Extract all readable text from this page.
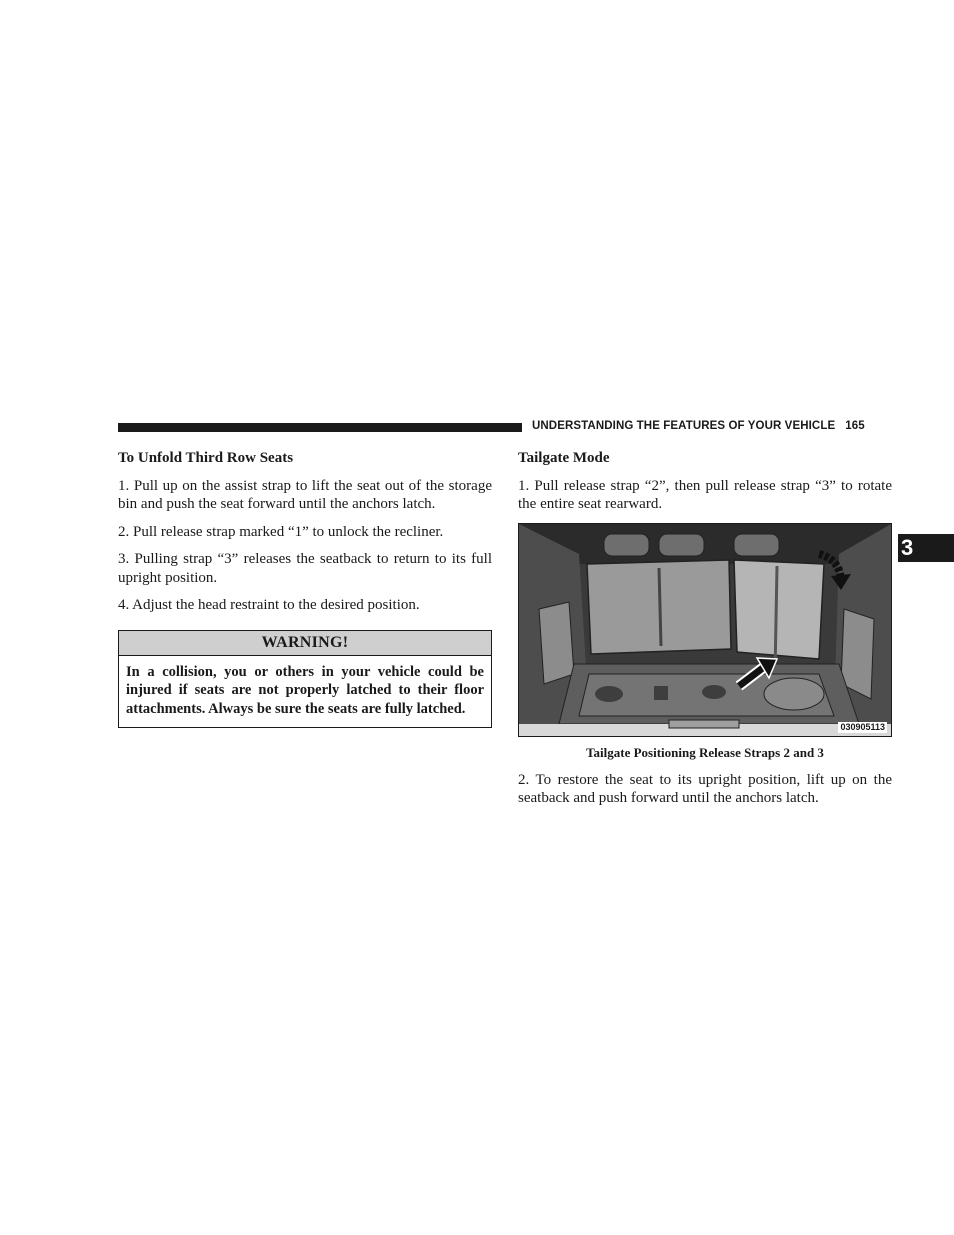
UNDERSTANDING THE FEATURES OF YOUR VEHICLE 165
3
To Unfold Third Row Seats

1. Pull up on the assist strap to lift the seat out of the storage bin and push the seat forward until the anchors latch.

2. Pull release strap marked “1” to unlock the recliner.

3. Pulling strap “3” releases the seatback to return to its full upright position.

4. Adjust the head restraint to the desired position.

WARNING!
In a collision, you or others in your vehicle could be injured if seats are not properly latched to their floor attachments. Always be sure the seats are fully latched.
Tailgate Mode

1. Pull release strap “2”, then pull release strap “3” to rotate the entire seat rearward.

030905113
Tailgate Positioning Release Straps 2 and 3

2. To restore the seat to its upright position, lift up on the seatback and push forward until the anchors latch.
